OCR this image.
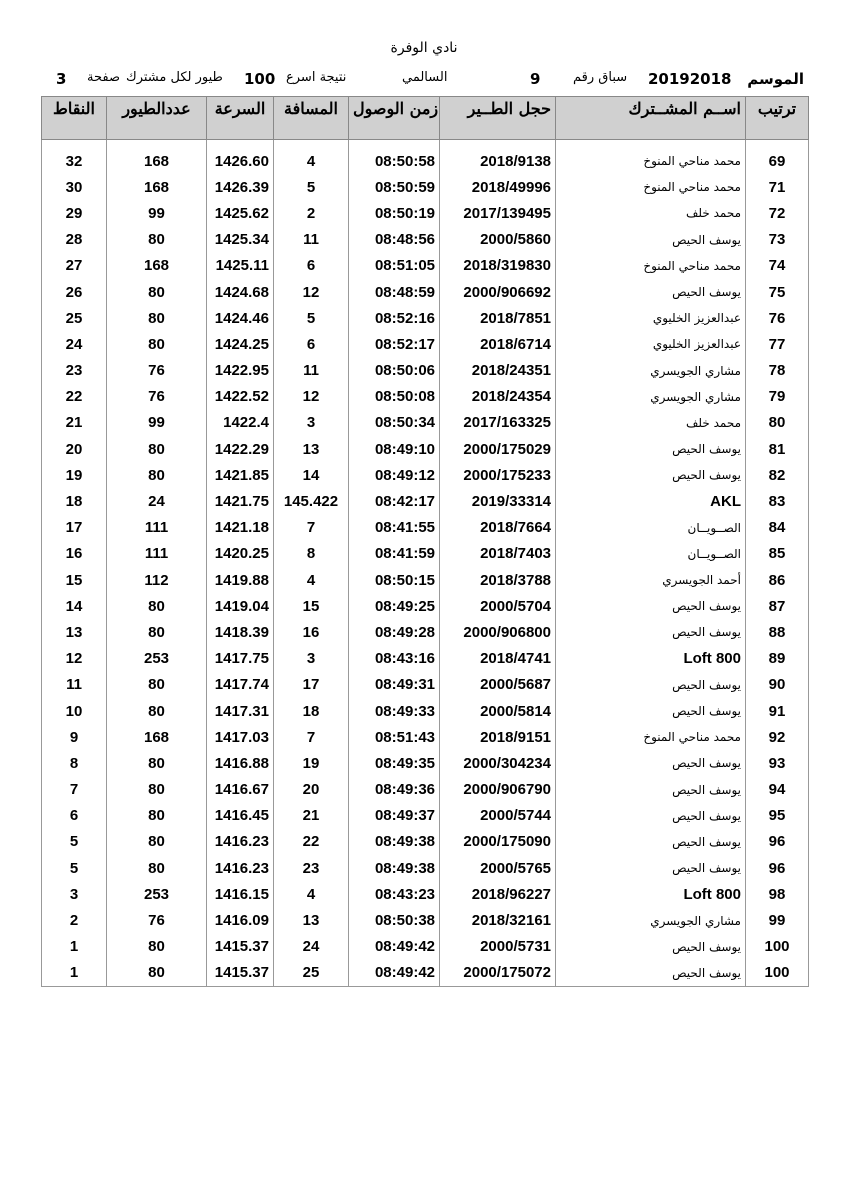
نادي الوفرة
الموسم
20192018
سباق رقم
9
السالمي
نتيجة اسرع
100
طيور لكل مشترك
صفحة
3
النقاط	عددالطيور	السرعة	المسافة	زمن الوصول	حجل الطــير	اســم المشــترك	ترتيب

32	168	1426.60	4	08:50:58	2018/9138	محمد مناحي المنوخ	69
30	168	1426.39	5	08:50:59	2018/49996	محمد مناحي المنوخ	71
29	99	1425.62	2	08:50:19	2017/139495	محمد خلف	72
28	80	1425.34	11	08:48:56	2000/5860	يوسف الحيص	73
27	168	1425.11	6	08:51:05	2018/319830	محمد مناحي المنوخ	74
26	80	1424.68	12	08:48:59	2000/906692	يوسف الحيص	75
25	80	1424.46	5	08:52:16	2018/7851	عبدالعزيز الخليوي	76
24	80	1424.25	6	08:52:17	2018/6714	عبدالعزيز الخليوي	77
23	76	1422.95	11	08:50:06	2018/24351	مشاري الجويسري	78
22	76	1422.52	12	08:50:08	2018/24354	مشاري الجويسري	79
21	99	1422.4	3	08:50:34	2017/163325	محمد خلف	80
20	80	1422.29	13	08:49:10	2000/175029	يوسف الحيص	81
19	80	1421.85	14	08:49:12	2000/175233	يوسف الحيص	82
18	24	1421.75	145.422	08:42:17	2019/33314	AKL	83
17	111	1421.18	7	08:41:55	2018/7664	الصــويــان	84
16	111	1420.25	8	08:41:59	2018/7403	الصــويــان	85
15	112	1419.88	4	08:50:15	2018/3788	أحمد الجويسري	86
14	80	1419.04	15	08:49:25	2000/5704	يوسف الحيص	87
13	80	1418.39	16	08:49:28	2000/906800	يوسف الحيص	88
12	253	1417.75	3	08:43:16	2018/4741	Loft 800	89
11	80	1417.74	17	08:49:31	2000/5687	يوسف الحيص	90
10	80	1417.31	18	08:49:33	2000/5814	يوسف الحيص	91
9	168	1417.03	7	08:51:43	2018/9151	محمد مناحي المنوخ	92
8	80	1416.88	19	08:49:35	2000/304234	يوسف الحيص	93
7	80	1416.67	20	08:49:36	2000/906790	يوسف الحيص	94
6	80	1416.45	21	08:49:37	2000/5744	يوسف الحيص	95
5	80	1416.23	22	08:49:38	2000/175090	يوسف الحيص	96
5	80	1416.23	23	08:49:38	2000/5765	يوسف الحيص	96
3	253	1416.15	4	08:43:23	2018/96227	Loft 800	98
2	76	1416.09	13	08:50:38	2018/32161	مشاري الجويسري	99
1	80	1415.37	24	08:49:42	2000/5731	يوسف الحيص	100
1	80	1415.37	25	08:49:42	2000/175072	يوسف الحيص	100
